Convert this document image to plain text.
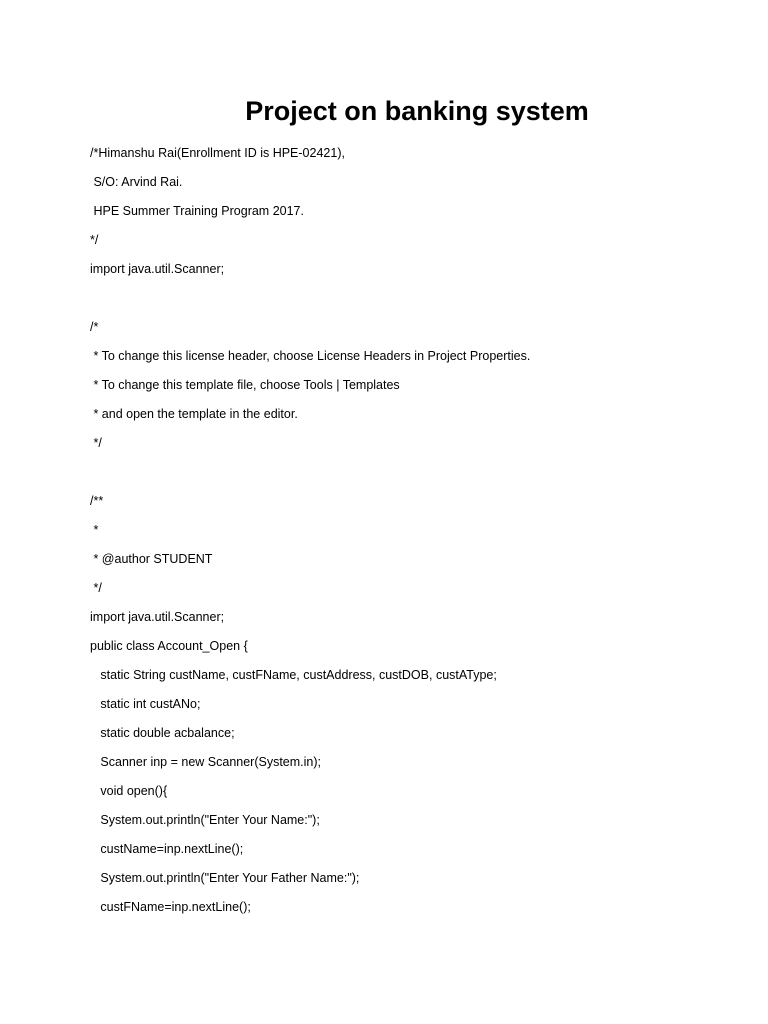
Project on banking system
/*Himanshu Rai(Enrollment ID is HPE-02421),
S/O: Arvind Rai.
HPE Summer Training Program 2017.
*/
import java.util.Scanner;
/*
* To change this license header, choose License Headers in Project Properties.
* To change this template file, choose Tools | Templates
* and open the template in the editor.
*/
/**
*
* @author STUDENT
*/
import java.util.Scanner;
public class Account_Open {
static String custName, custFName, custAddress, custDOB, custAType;
static int custANo;
static double acbalance;
Scanner inp = new Scanner(System.in);
void open(){
System.out.println("Enter Your Name:");
custName=inp.nextLine();
System.out.println("Enter Your Father Name:");
custFName=inp.nextLine();
